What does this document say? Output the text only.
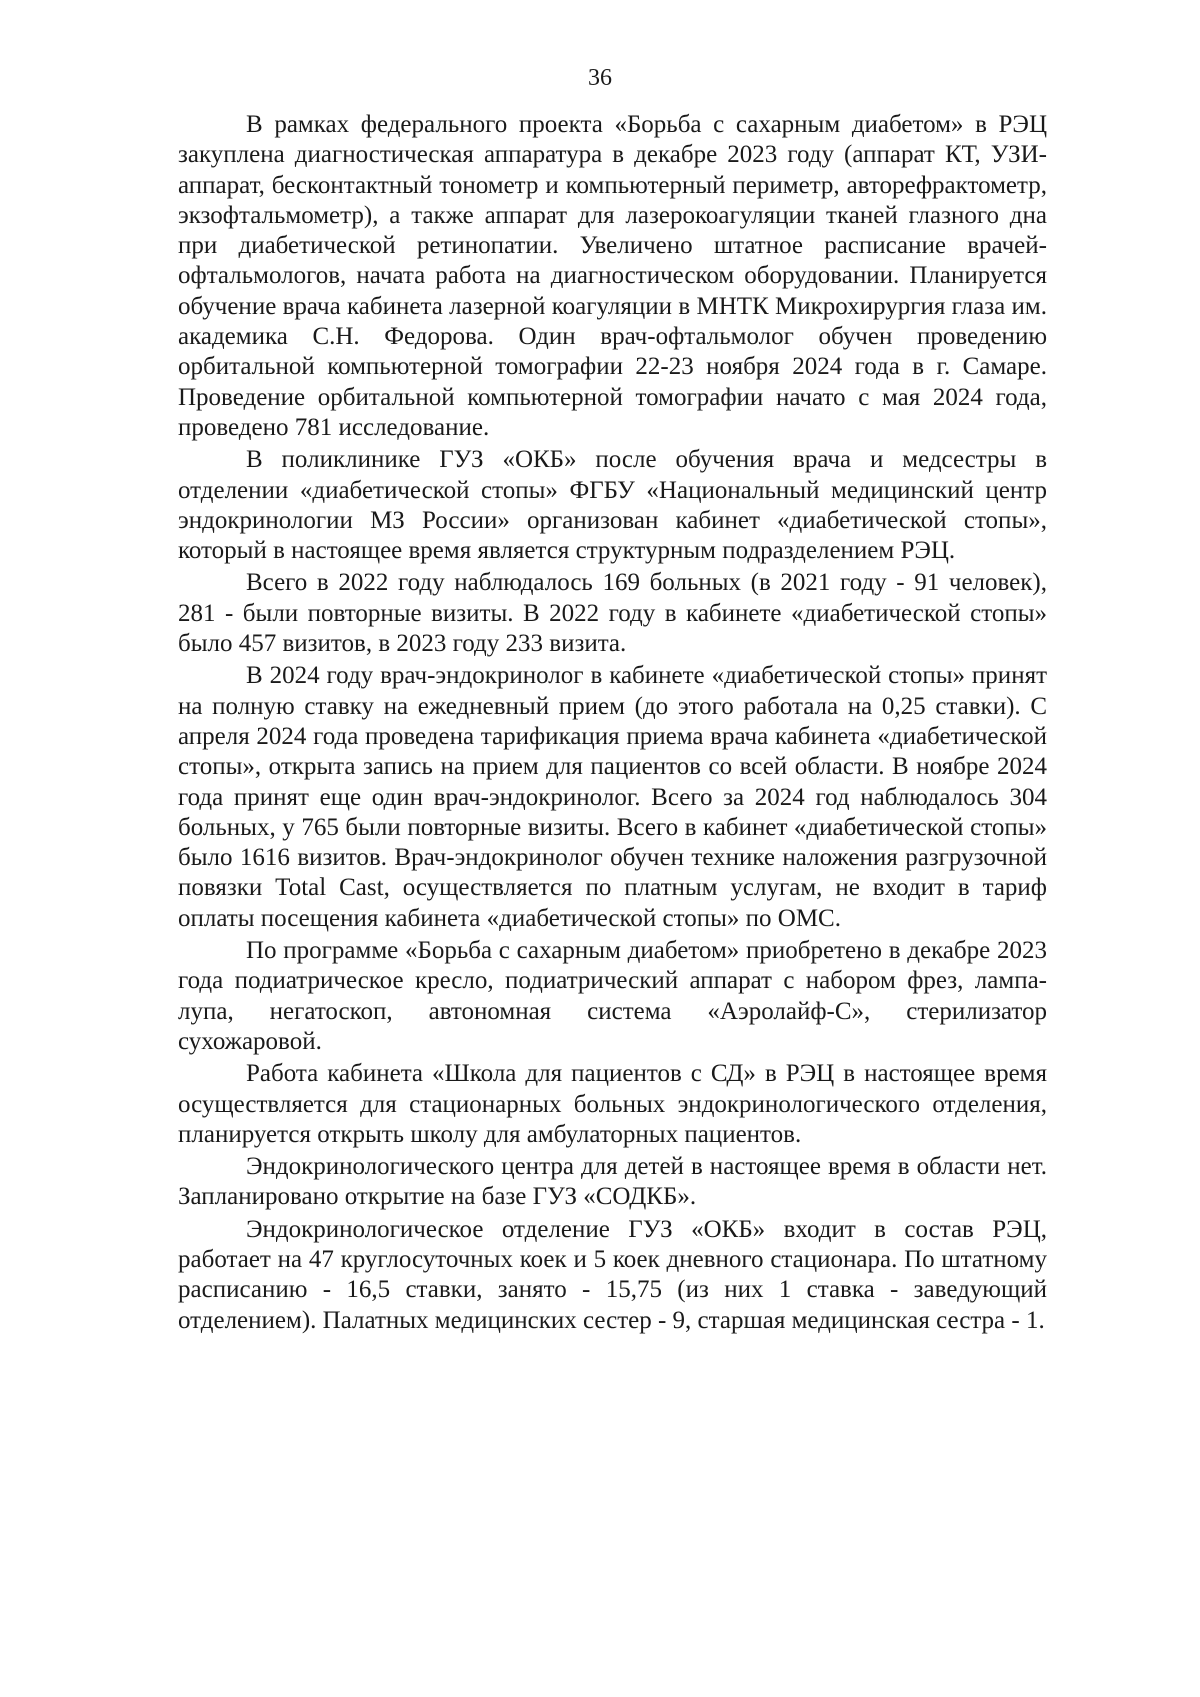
36

В рамках федерального проекта «Борьба с сахарным диабетом» в РЭЦ закуплена диагностическая аппаратура в декабре 2023 году (аппарат КТ, УЗИ-аппарат, бесконтактный тонометр и компьютерный периметр, авторефрактометр, экзофтальмометр), а также аппарат для лазерокоагуляции тканей глазного дна при диабетической ретинопатии. Увеличено штатное расписание врачей-офтальмологов, начата работа на диагностическом оборудовании. Планируется обучение врача кабинета лазерной коагуляции в МНТК Микрохирургия глаза им. академика С.Н. Федорова. Один врач-офтальмолог обучен проведению орбитальной компьютерной томографии 22-23 ноября 2024 года в г. Самаре. Проведение орбитальной компьютерной томографии начато с мая 2024 года, проведено 781 исследование.

В поликлинике ГУЗ «ОКБ» после обучения врача и медсестры в отделении «диабетической стопы» ФГБУ «Национальный медицинский центр эндокринологии МЗ России» организован кабинет «диабетической стопы», который в настоящее время является структурным подразделением РЭЦ.

Всего в 2022 году наблюдалось 169 больных (в 2021 году - 91 человек), 281 - были повторные визиты. В 2022 году в кабинете «диабетической стопы» было 457 визитов, в 2023 году 233 визита.

В 2024 году врач-эндокринолог в кабинете «диабетической стопы» принят на полную ставку на ежедневный прием (до этого работала на 0,25 ставки). С апреля 2024 года проведена тарификация приема врача кабинета «диабетической стопы», открыта запись на прием для пациентов со всей области. В ноябре 2024 года принят еще один врач-эндокринолог. Всего за 2024 год наблюдалось 304 больных, у 765 были повторные визиты. Всего в кабинет «диабетической стопы» было 1616 визитов. Врач-эндокринолог обучен технике наложения разгрузочной повязки Total Cast, осуществляется по платным услугам, не входит в тариф оплаты посещения кабинета «диабетической стопы» по ОМС.

По программе «Борьба с сахарным диабетом» приобретено в декабре 2023 года подиатрическое кресло, подиатрический аппарат с набором фрез, лампа-лупа, негатоскоп, автономная система «Аэролайф-С», стерилизатор сухожаровой.

Работа кабинета «Школа для пациентов с СД» в РЭЦ в настоящее время осуществляется для стационарных больных эндокринологического отделения, планируется открыть школу для амбулаторных пациентов.

Эндокринологического центра для детей в настоящее время в области нет. Запланировано открытие на базе ГУЗ «СОДКБ».

Эндокринологическое отделение ГУЗ «ОКБ» входит в состав РЭЦ, работает на 47 круглосуточных коек и 5 коек дневного стационара. По штатному расписанию - 16,5 ставки, занято - 15,75 (из них 1 ставка - заведующий отделением). Палатных медицинских сестер - 9, старшая медицинская сестра - 1.
